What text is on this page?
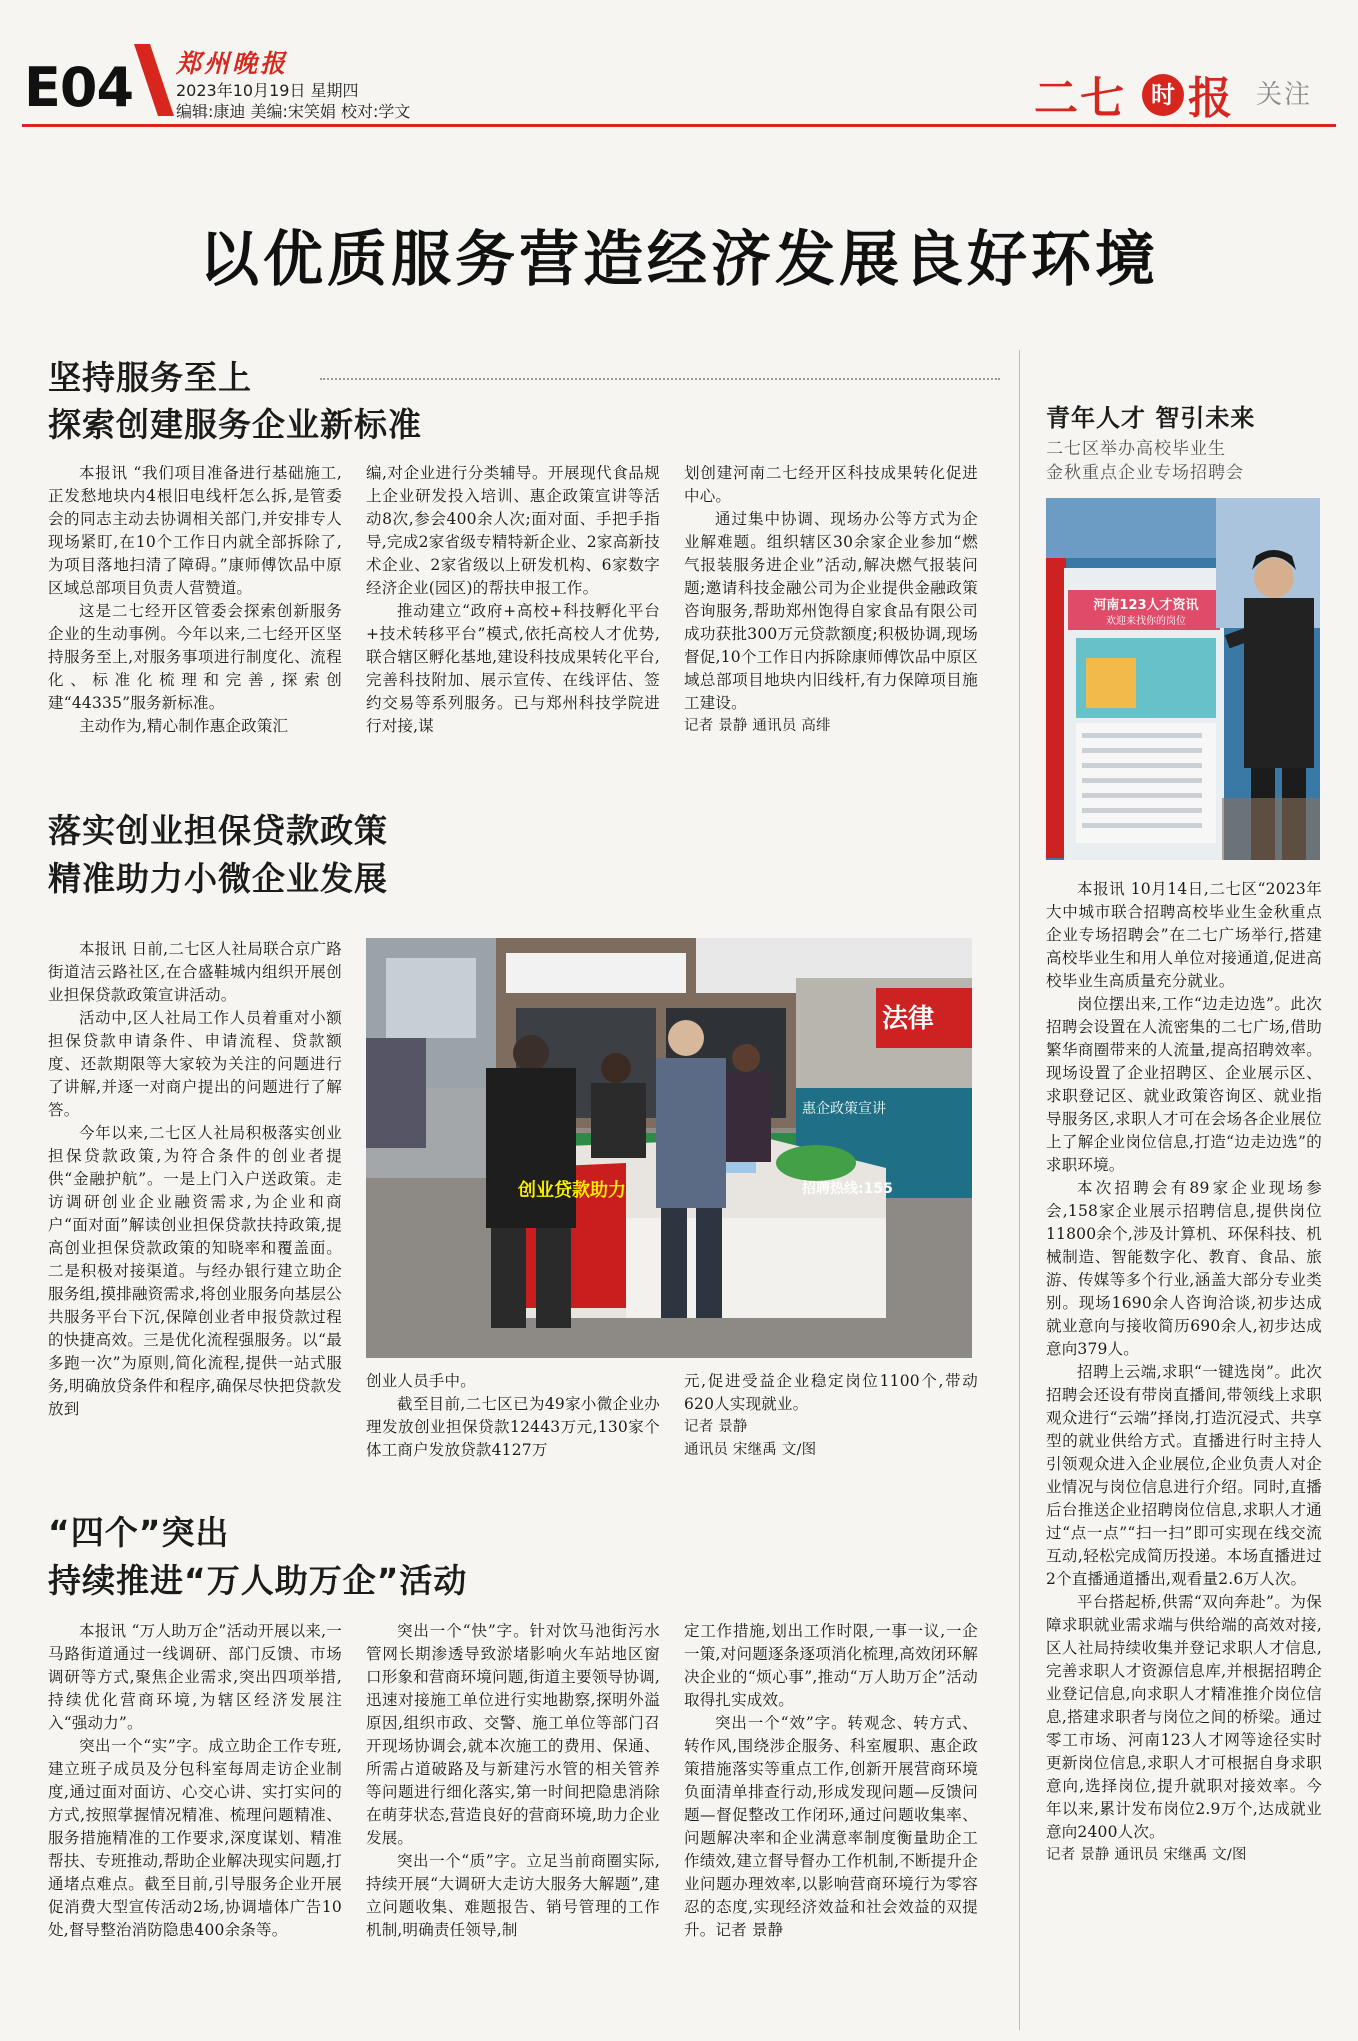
E04 郑州晚报
2023年10月19日 星期四
编辑:康迪 美编:宋笑娟 校对:学文	二七	时 报 关注
以优质服务营造经济发展良好环境
坚持服务至上
探索创建服务企业新标准

本报讯 “我们项目准备进行基础施工,正发愁地块内4根旧电线杆怎么拆,是管委会的同志主动去协调相关部门,并安排专人现场紧盯,在10个工作日内就全部拆除了,为项目落地扫清了障碍。”康师傅饮品中原区域总部项目负责人营赞道。

这是二七经开区管委会探索创新服务企业的生动事例。今年以来,二七经开区坚持服务至上,对服务事项进行制度化、流程化、标准化梳理和完善,探索创建“44335”服务新标准。

主动作为,精心制作惠企政策汇

编,对企业进行分类辅导。开展现代食品规上企业研发投入培训、惠企政策宣讲等活动8次,参会400余人次;面对面、手把手指导,完成2家省级专精特新企业、2家高新技术企业、2家省级以上研发机构、6家数字经济企业(园区)的帮扶申报工作。

推动建立“政府+高校+科技孵化平台+技术转移平台”模式,依托高校人才优势,联合辖区孵化基地,建设科技成果转化平台,完善科技附加、展示宣传、在线评估、签约交易等系列服务。已与郑州科技学院进行对接,谋

划创建河南二七经开区科技成果转化促进中心。

通过集中协调、现场办公等方式为企业解难题。组织辖区30余家企业参加“燃气报装服务进企业”活动,解决燃气报装问题;邀请科技金融公司为企业提供金融政策咨询服务,帮助郑州饱得自家食品有限公司成功获批300万元贷款额度;积极协调,现场督促,10个工作日内拆除康师傅饮品中原区域总部项目地块内旧线杆,有力保障项目施工建设。

记者 景静 通讯员 高绯
落实创业担保贷款政策
精准助力小微企业发展

本报讯 日前,二七区人社局联合京广路街道洁云路社区,在合盛鞋城内组织开展创业担保贷款政策宣讲活动。

活动中,区人社局工作人员着重对小额担保贷款申请条件、申请流程、贷款额度、还款期限等大家较为关注的问题进行了讲解,并逐一对商户提出的问题进行了解答。

今年以来,二七区人社局积极落实创业担保贷款政策,为符合条件的创业者提供“金融护航”。一是上门入户送政策。走访调研创业企业融资需求,为企业和商户“面对面”解读创业担保贷款扶持政策,提高创业担保贷款政策的知晓率和覆盖面。二是积极对接渠道。与经办银行建立助企服务组,摸排融资需求,将创业服务向基层公共服务平台下沉,保障创业者申报贷款过程的快捷高效。三是优化流程强服务。以“最多跑一次”为原则,简化流程,提供一站式服务,明确放贷条件和程序,确保尽快把贷款发放到

法律
创业贷款助力
惠企政策宣讲
招聘热线:155

创业人员手中。

截至目前,二七区已为49家小微企业办理发放创业担保贷款12443万元,130家个体工商户发放贷款4127万

元,促进受益企业稳定岗位1100个,带动620人实现就业。

记者 景静
通讯员 宋继禹 文/图
“四个”突出
持续推进“万人助万企”活动

本报讯 “万人助万企”活动开展以来,一马路街道通过一线调研、部门反馈、市场调研等方式,聚焦企业需求,突出四项举措,持续优化营商环境,为辖区经济发展注入“强动力”。

突出一个“实”字。成立助企工作专班,建立班子成员及分包科室每周走访企业制度,通过面对面访、心交心讲、实打实问的方式,按照掌握情况精准、梳理问题精准、服务措施精准的工作要求,深度谋划、精准帮扶、专班推动,帮助企业解决现实问题,打通堵点难点。截至目前,引导服务企业开展促消费大型宣传活动2场,协调墙体广告10处,督导整治消防隐患400余条等。

突出一个“快”字。针对饮马池街污水管网长期渗透导致淤堵影响火车站地区窗口形象和营商环境问题,街道主要领导协调,迅速对接施工单位进行实地勘察,探明外溢原因,组织市政、交警、施工单位等部门召开现场协调会,就本次施工的费用、保通、所需占道破路及与新建污水管的相关管养等问题进行细化落实,第一时间把隐患消除在萌芽状态,营造良好的营商环境,助力企业发展。

突出一个“质”字。立足当前商圈实际,持续开展“大调研大走访大服务大解题”,建立问题收集、难题报告、销号管理的工作机制,明确责任领导,制

定工作措施,划出工作时限,一事一议,一企一策,对问题逐条逐项消化梳理,高效闭环解决企业的“烦心事”,推动“万人助万企”活动取得扎实成效。

突出一个“效”字。转观念、转方式、转作风,围绕涉企服务、科室履职、惠企政策措施落实等重点工作,创新开展营商环境负面清单排查行动,形成发现问题—反馈问题—督促整改工作闭环,通过问题收集率、问题解决率和企业满意率制度衡量助企工作绩效,建立督导督办工作机制,不断提升企业问题办理效率,以影响营商环境行为零容忍的态度,实现经济效益和社会效益的双提升。记者 景静

青年人才 智引未来
二七区举办高校毕业生
金秋重点企业专场招聘会
河南123人才资讯
欢迎来找你的岗位

本报讯 10月14日,二七区“2023年大中城市联合招聘高校毕业生金秋重点企业专场招聘会”在二七广场举行,搭建高校毕业生和用人单位对接通道,促进高校毕业生高质量充分就业。

岗位摆出来,工作“边走边选”。此次招聘会设置在人流密集的二七广场,借助繁华商圈带来的人流量,提高招聘效率。现场设置了企业招聘区、企业展示区、求职登记区、就业政策咨询区、就业指导服务区,求职人才可在会场各企业展位上了解企业岗位信息,打造“边走边选”的求职环境。

本次招聘会有89家企业现场参会,158家企业展示招聘信息,提供岗位11800余个,涉及计算机、环保科技、机械制造、智能数字化、教育、食品、旅游、传媒等多个行业,涵盖大部分专业类别。现场1690余人咨询洽谈,初步达成就业意向与接收简历690余人,初步达成意向379人。

招聘上云端,求职“一键选岗”。此次招聘会还设有带岗直播间,带领线上求职观众进行“云端”择岗,打造沉浸式、共享型的就业供给方式。直播进行时主持人引领观众进入企业展位,企业负责人对企业情况与岗位信息进行介绍。同时,直播后台推送企业招聘岗位信息,求职人才通过“点一点”“扫一扫”即可实现在线交流互动,轻松完成简历投递。本场直播进过2个直播通道播出,观看量2.6万人次。

平台搭起桥,供需“双向奔赴”。为保障求职就业需求端与供给端的高效对接,区人社局持续收集并登记求职人才信息,完善求职人才资源信息库,并根据招聘企业登记信息,向求职人才精准推介岗位信息,搭建求职者与岗位之间的桥梁。通过零工市场、河南123人才网等途径实时更新岗位信息,求职人才可根据自身求职意向,选择岗位,提升就职对接效率。今年以来,累计发布岗位2.9万个,达成就业意向2400人次。

记者 景静 通讯员 宋继禹 文/图
